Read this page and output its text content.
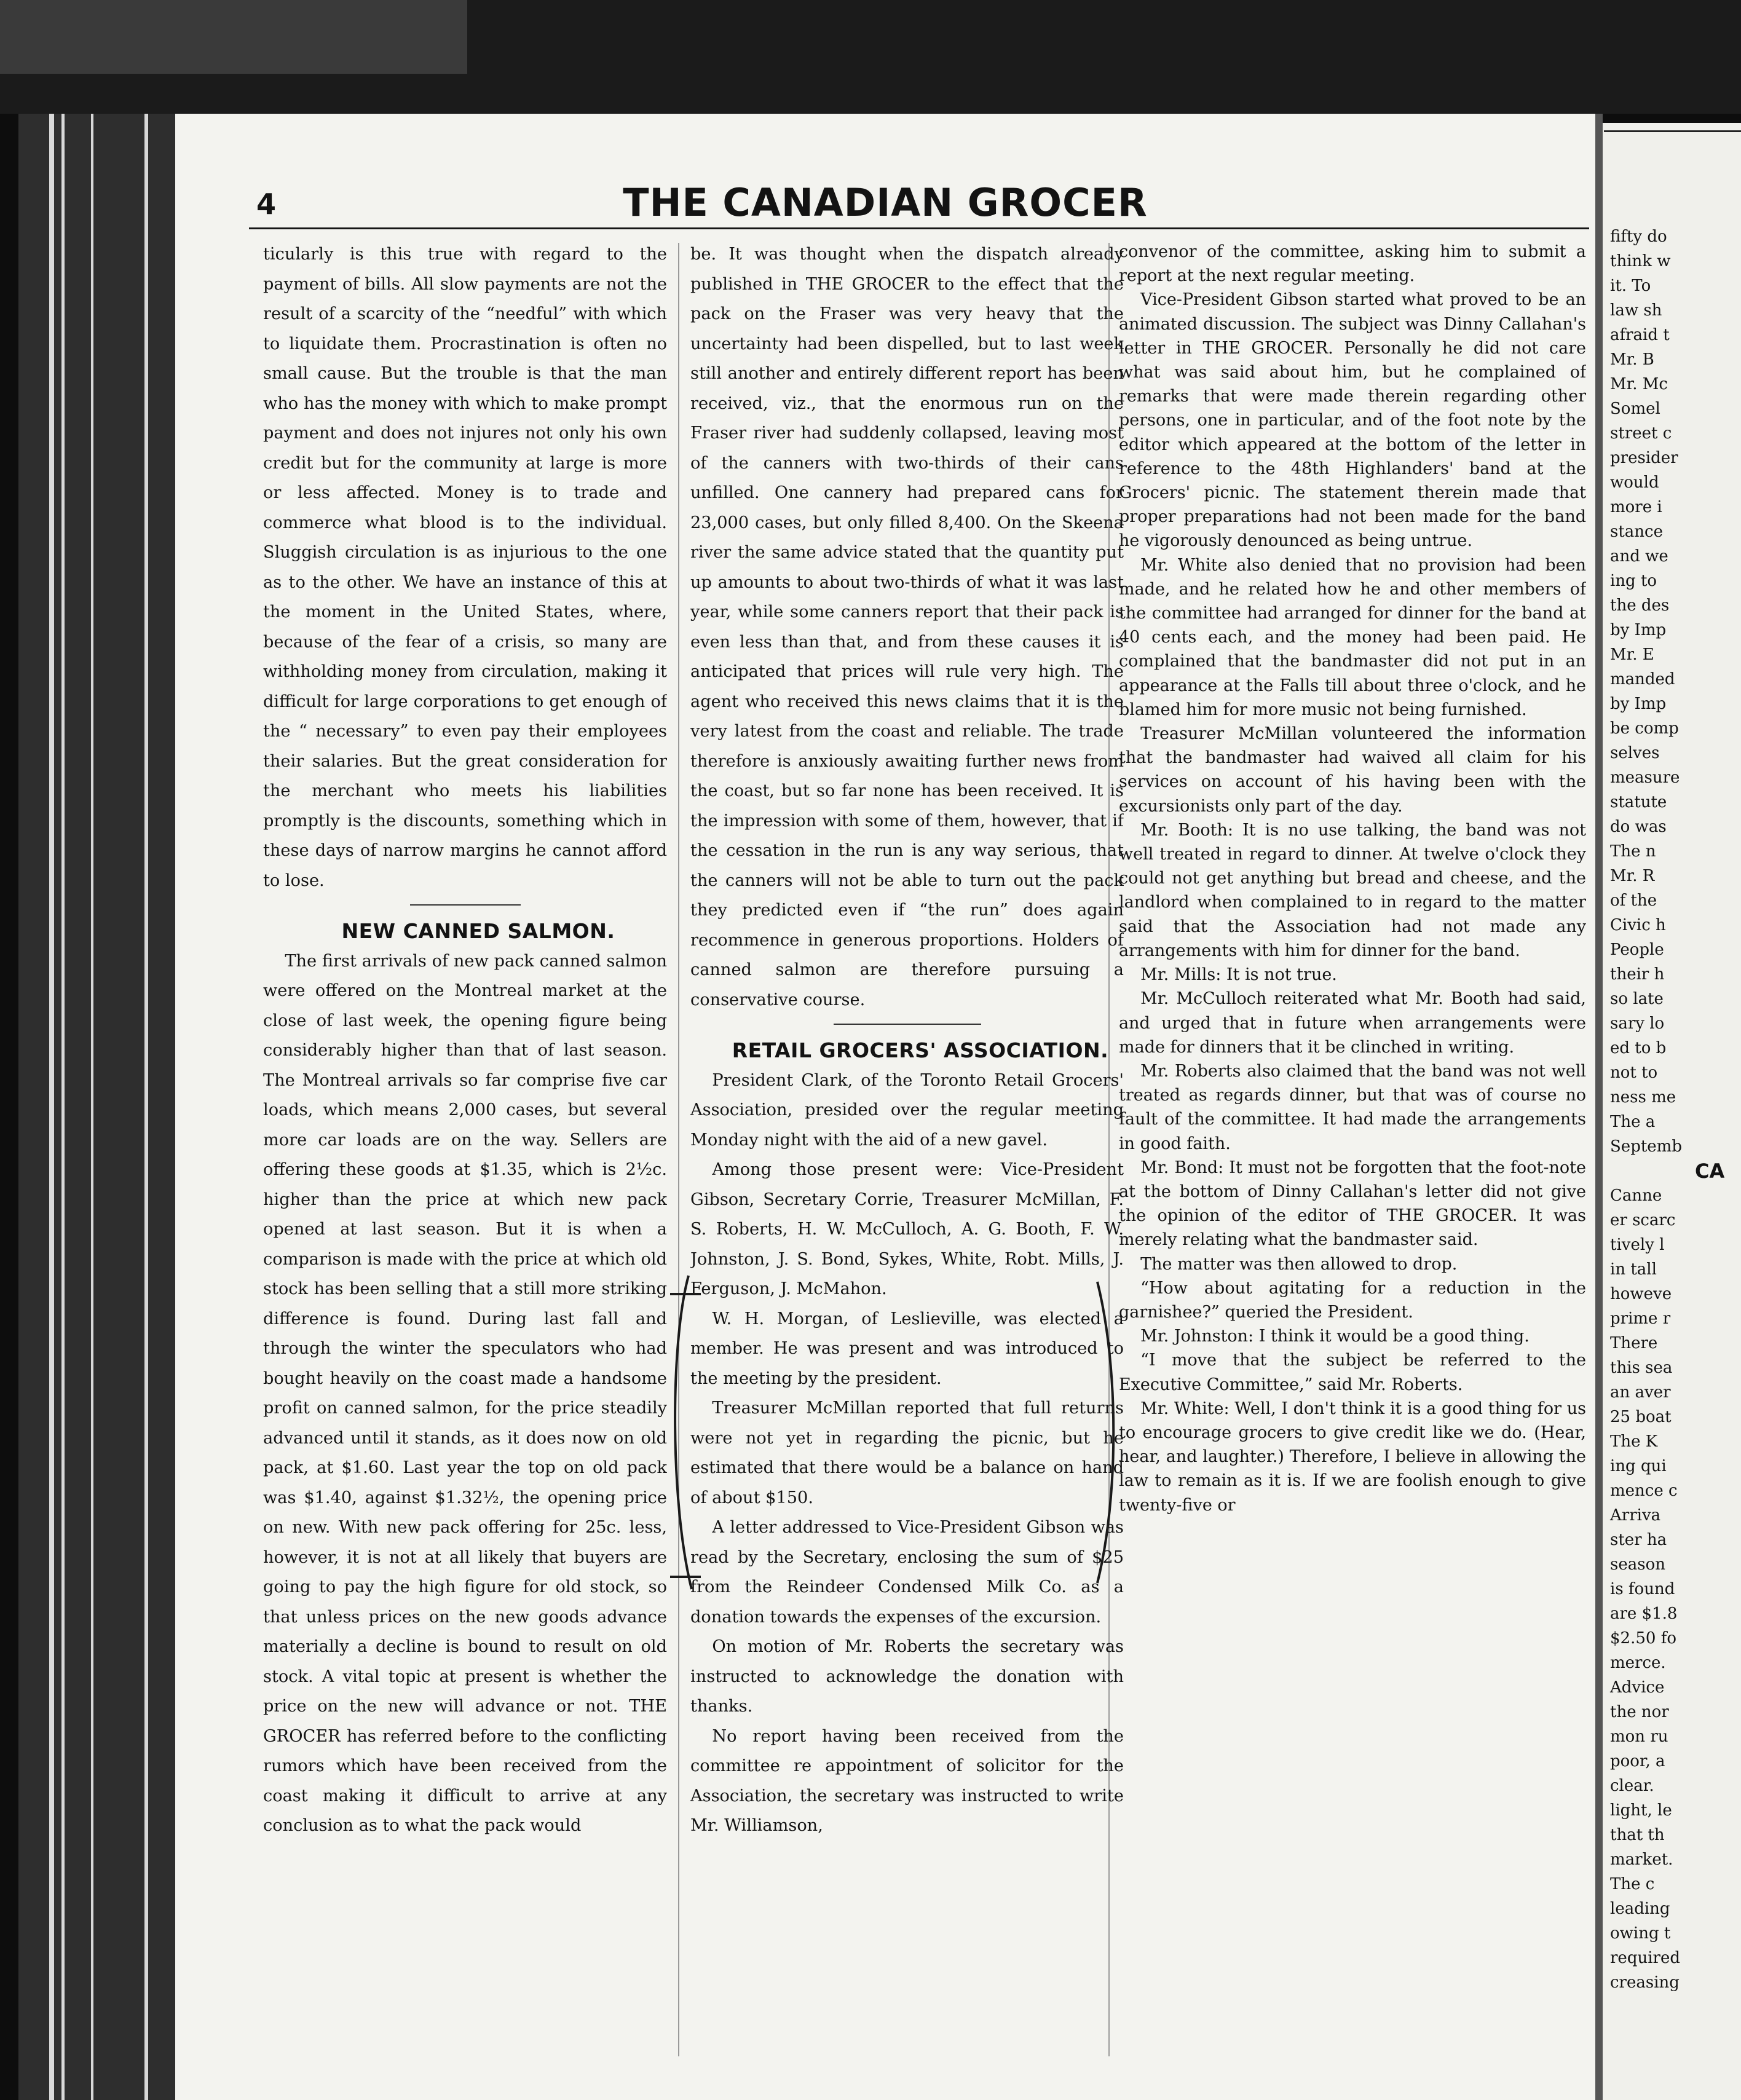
4	THE CANADIAN GROCER

ticularly is this true with regard to the payment of bills. All slow payments are not the result of a scarcity of the “needful” with which to liquidate them. Procrastination is often no small cause. But the trouble is that the man who has the money with which to make prompt payment and does not injures not only his own credit but for the community at large is more or less affected. Money is to trade and commerce what blood is to the individual. Sluggish circulation is as injurious to the one as to the other. We have an instance of this at the moment in the United States, where, because of the fear of a crisis, so many are withholding money from circulation, making it difficult for large corporations to get enough of the “ necessary” to even pay their employees their salaries. But the great consideration for the merchant who meets his liabilities promptly is the discounts, something which in these days of narrow margins he cannot afford to lose.

NEW CANNED SALMON.

The first arrivals of new pack canned salmon were offered on the Montreal market at the close of last week, the opening figure being considerably higher than that of last season. The Montreal arrivals so far comprise five car loads, which means 2,000 cases, but several more car loads are on the way. Sellers are offering these goods at $1.35, which is 2½c. higher than the price at which new pack opened at last season. But it is when a comparison is made with the price at which old stock has been selling that a still more striking difference is found. During last fall and through the winter the speculators who had bought heavily on the coast made a handsome profit on canned salmon, for the price steadily advanced until it stands, as it does now on old pack, at $1.60. Last year the top on old pack was $1.40, against $1.32½, the opening price on new. With new pack offering for 25c. less, however, it is not at all likely that buyers are going to pay the high figure for old stock, so that unless prices on the new goods advance materially a decline is bound to result on old stock. A vital topic at present is whether the price on the new will advance or not. THE GROCER has referred before to the conflicting rumors which have been received from the coast making it difficult to arrive at any conclusion as to what the pack would

be. It was thought when the dispatch already published in THE GROCER to the effect that the pack on the Fraser was very heavy that the uncertainty had been dispelled, but to last week still another and entirely different report has been received, viz., that the enormous run on the Fraser river had suddenly collapsed, leaving most of the canners with two-thirds of their cans unfilled. One cannery had prepared cans for 23,000 cases, but only filled 8,400. On the Skeena river the same advice stated that the quantity put up amounts to about two-thirds of what it was last year, while some canners report that their pack is even less than that, and from these causes it is anticipated that prices will rule very high. The agent who received this news claims that it is the very latest from the coast and reliable. The trade therefore is anxiously awaiting further news from the coast, but so far none has been received. It is the impression with some of them, however, that if the cessation in the run is any way serious, that the canners will not be able to turn out the pack they predicted even if “the run” does again recommence in generous proportions. Holders of canned salmon are therefore pursuing a conservative course.

RETAIL GROCERS' ASSOCIATION.

President Clark, of the Toronto Retail Grocers' Association, presided over the regular meeting Monday night with the aid of a new gavel.

Among those present were: Vice-President Gibson, Secretary Corrie, Treasurer McMillan, F. S. Roberts, H. W. McCulloch, A. G. Booth, F. W. Johnston, J. S. Bond, Sykes, White, Robt. Mills, J. Ferguson, J. McMahon.

W. H. Morgan, of Leslieville, was elected a member. He was present and was introduced to the meeting by the president.

Treasurer McMillan reported that full returns were not yet in regarding the picnic, but he estimated that there would be a balance on hand of about $150.

A letter addressed to Vice-President Gibson was read by the Secretary, enclosing the sum of $25 from the Reindeer Condensed Milk Co. as a donation towards the expenses of the excursion.

On motion of Mr. Roberts the secretary was instructed to acknowledge the donation with thanks.

No report having been received from the committee re appointment of solicitor for the Association, the secretary was instructed to write Mr. Williamson,

convenor of the committee, asking him to submit a report at the next regular meeting.

Vice-President Gibson started what proved to be an animated discussion. The subject was Dinny Callahan's letter in THE GROCER. Personally he did not care what was said about him, but he complained of remarks that were made therein regarding other persons, one in particular, and of the foot note by the editor which appeared at the bottom of the letter in reference to the 48th Highlanders' band at the Grocers' picnic. The statement therein made that proper preparations had not been made for the band he vigorously denounced as being untrue.

Mr. White also denied that no provision had been made, and he related how he and other members of the committee had arranged for dinner for the band at 40 cents each, and the money had been paid. He complained that the bandmaster did not put in an appearance at the Falls till about three o'clock, and he blamed him for more music not being furnished.

Treasurer McMillan volunteered the information that the bandmaster had waived all claim for his services on account of his having been with the excursionists only part of the day.

Mr. Booth: It is no use talking, the band was not well treated in regard to dinner. At twelve o'clock they could not get anything but bread and cheese, and the landlord when complained to in regard to the matter said that the Association had not made any arrangements with him for dinner for the band.

Mr. Mills: It is not true.

Mr. McCulloch reiterated what Mr. Booth had said, and urged that in future when arrangements were made for dinners that it be clinched in writing.

Mr. Roberts also claimed that the band was not well treated as regards dinner, but that was of course no fault of the committee. It had made the arrangements in good faith.

Mr. Bond: It must not be forgotten that the foot-note at the bottom of Dinny Callahan's letter did not give the opinion of the editor of THE GROCER. It was merely relating what the bandmaster said.

The matter was then allowed to drop.

“How about agitating for a reduction in the garnishee?” queried the President.

Mr. Johnston: I think it would be a good thing.

“I move that the subject be referred to the Executive Committee,” said Mr. Roberts.

Mr. White: Well, I don't think it is a good thing for us to encourage grocers to give credit like we do. (Hear, hear, and laughter.) Therefore, I believe in allowing the law to remain as it is. If we are foolish enough to give twenty-five or

fifty do

think w

it. To

law sh

afraid t

Mr. B

Mr. Mc

Somel

street c

presider

would

more i

stance

and we

ing to

the des

by Imp

Mr. E

manded

by Imp

be comp

selves

measure

statute

do was

The n

Mr. R

of the

Civic h

People

their h

so late

sary lo

ed to b

not to

ness me

The a

Septemb

CA

Canne

er scarc

tively l

in tall

howeve

prime r

There

this sea

an aver

25 boat

The K

ing qui

mence c

Arriva

ster ha

season

is found

are $1.8

$2.50 fo

merce.

Advice

the nor

mon ru

poor, a

clear.

light, le

that th

market.

The c

leading

owing t

required

creasing
